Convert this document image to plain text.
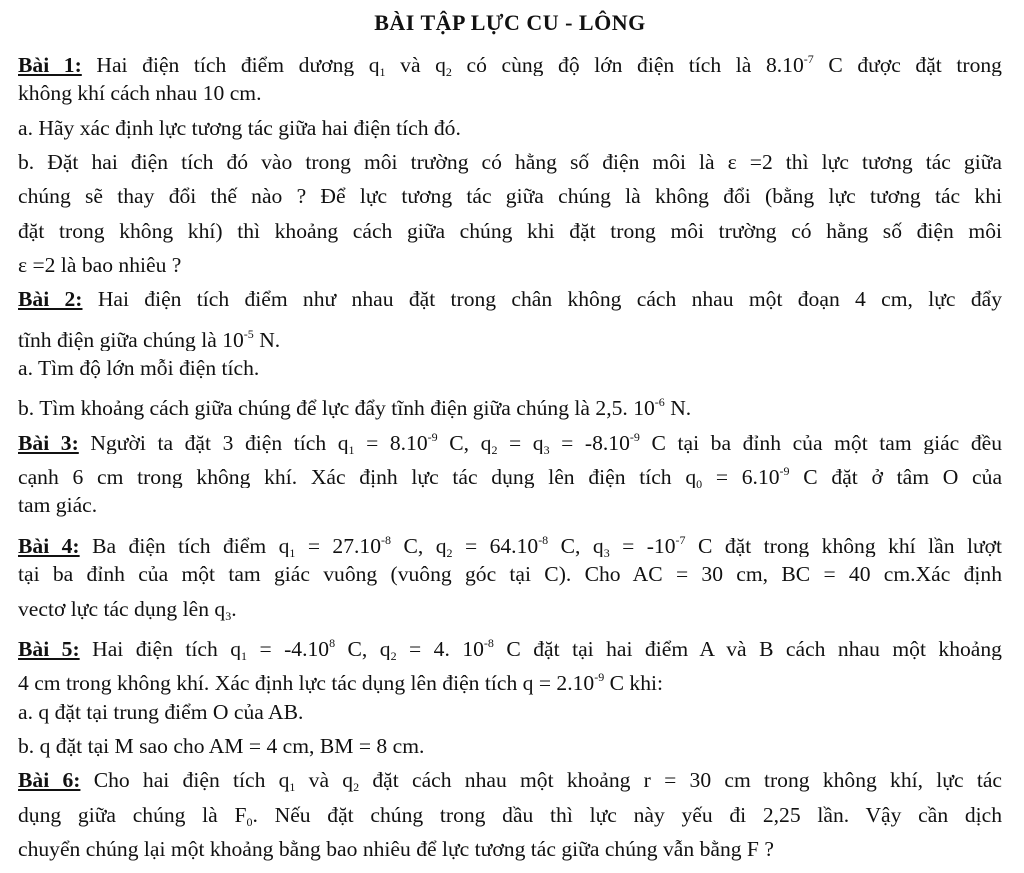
BÀI TẬP LỰC CU - LÔNG
Bài 1: Hai điện tích điểm dương $q_1$ và $q_2$ có cùng độ lớn điện tích là $8.10^{-7}$ C được đặt trong
không khí cách nhau 10 cm.
a. Hãy xác định lực tương tác giữa hai điện tích đó.
b. Đặt hai điện tích đó vào trong môi trường có hằng số điện môi là ε =2 thì lực tương tác giữa
chúng sẽ thay đổi thế nào ? Để lực tương tác giữa chúng là không đổi (bằng lực tương tác khi
đặt trong không khí) thì khoảng cách giữa chúng khi đặt trong môi trường có hằng số điện môi
ε =2 là bao nhiêu ?
Bài 2: Hai điện tích điểm như nhau đặt trong chân không cách nhau một đoạn 4 cm, lực đẩy
tĩnh điện giữa chúng là $10^{-5}$ N.
a. Tìm độ lớn mỗi điện tích.
b. Tìm khoảng cách giữa chúng để lực đẩy tĩnh điện giữa chúng là 2,5. $10^{-6}$ N.
Bài 3: Người ta đặt 3 điện tích $q_1 = 8.10^{-9}$ C, $q_2 = q_3 = -8.10^{-9}$ C tại ba đỉnh của một tam giác đều
cạnh 6 cm trong không khí. Xác định lực tác dụng lên điện tích $q_0 = 6.10^{-9}$ C đặt ở tâm O của
tam giác.
Bài 4: Ba điện tích điểm $q_1 = 27.10^{-8}$ C, $q_2 = 64.10^{-8}$ C, $q_3 = -10^{-7}$ C đặt trong không khí lần lượt
tại ba đỉnh của một tam giác vuông (vuông góc tại C). Cho AC = 30 cm, BC = 40 cm.Xác định
vectơ lực tác dụng lên $q_3$.
Bài 5: Hai điện tích $q_1 = -4.10^8$ C, $q_2 = 4$. $10^{-8}$ C đặt tại hai điểm A và B cách nhau một khoảng
4 cm trong không khí. Xác định lực tác dụng lên điện tích $q = 2.10^{-9}$ C khi:
a. q đặt tại trung điểm O của AB.
b. q đặt tại M sao cho AM = 4 cm, BM = 8 cm.
Bài 6: Cho hai điện tích $q_1$ và $q_2$ đặt cách nhau một khoảng r = 30 cm trong không khí, lực tác
dụng giữa chúng là $F_0$. Nếu đặt chúng trong dầu thì lực này yếu đi 2,25 lần. Vậy cần dịch
chuyển chúng lại một khoảng bằng bao nhiêu để lực tương tác giữa chúng vẫn bằng F ?
